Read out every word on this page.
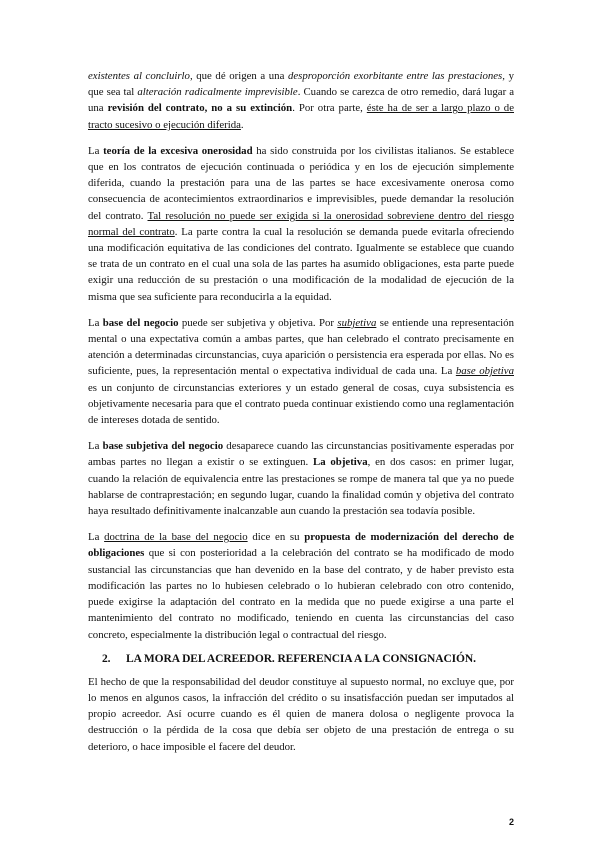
existentes al concluirlo, que dé origen a una desproporción exorbitante entre las prestaciones, y que sea tal alteración radicalmente imprevisible. Cuando se carezca de otro remedio, dará lugar a una revisión del contrato, no a su extinción. Por otra parte, éste ha de ser a largo plazo o de tracto sucesivo o ejecución diferida.

La teoría de la excesiva onerosidad ha sido construida por los civilistas italianos. Se establece que en los contratos de ejecución continuada o periódica y en los de ejecución simplemente diferida, cuando la prestación para una de las partes se hace excesivamente onerosa como consecuencia de acontecimientos extraordinarios e imprevisibles, puede demandar la resolución del contrato. Tal resolución no puede ser exigida si la onerosidad sobreviene dentro del riesgo normal del contrato. La parte contra la cual la resolución se demanda puede evitarla ofreciendo una modificación equitativa de las condiciones del contrato. Igualmente se establece que cuando se trata de un contrato en el cual una sola de las partes ha asumido obligaciones, esta parte puede exigir una reducción de su prestación o una modificación de la modalidad de ejecución de la misma que sea suficiente para reconducirla a la equidad.

La base del negocio puede ser subjetiva y objetiva. Por subjetiva se entiende una representación mental o una expectativa común a ambas partes, que han celebrado el contrato precisamente en atención a determinadas circunstancias, cuya aparición o persistencia era esperada por ellas. No es suficiente, pues, la representación mental o expectativa individual de cada una. La base objetiva es un conjunto de circunstancias exteriores y un estado general de cosas, cuya subsistencia es objetivamente necesaria para que el contrato pueda continuar existiendo como una reglamentación de intereses dotada de sentido.

La base subjetiva del negocio desaparece cuando las circunstancias positivamente esperadas por ambas partes no llegan a existir o se extinguen. La objetiva, en dos casos: en primer lugar, cuando la relación de equivalencia entre las prestaciones se rompe de manera tal que ya no puede hablarse de contraprestación; en segundo lugar, cuando la finalidad común y objetiva del contrato haya resultado definitivamente inalcanzable aun cuando la prestación sea todavía posible.

La doctrina de la base del negocio dice en su propuesta de modernización del derecho de obligaciones que si con posterioridad a la celebración del contrato se ha modificado de modo sustancial las circunstancias que han devenido en la base del contrato, y de haber previsto esta modificación las partes no lo hubiesen celebrado o lo hubieran celebrado con otro contenido, puede exigirse la adaptación del contrato en la medida que no puede exigirse a una parte el mantenimiento del contrato no modificado, teniendo en cuenta las circunstancias del caso concreto, especialmente la distribución legal o contractual del riesgo.

2. LA MORA DEL ACREEDOR. REFERENCIA A LA CONSIGNACIÓN.

El hecho de que la responsabilidad del deudor constituye al supuesto normal, no excluye que, por lo menos en algunos casos, la infracción del crédito o su insatisfacción puedan ser imputados al propio acreedor. Así ocurre cuando es él quien de manera dolosa o negligente provoca la destrucción o la pérdida de la cosa que debía ser objeto de una prestación de entrega o su deterioro, o hace imposible el facere del deudor.

2
